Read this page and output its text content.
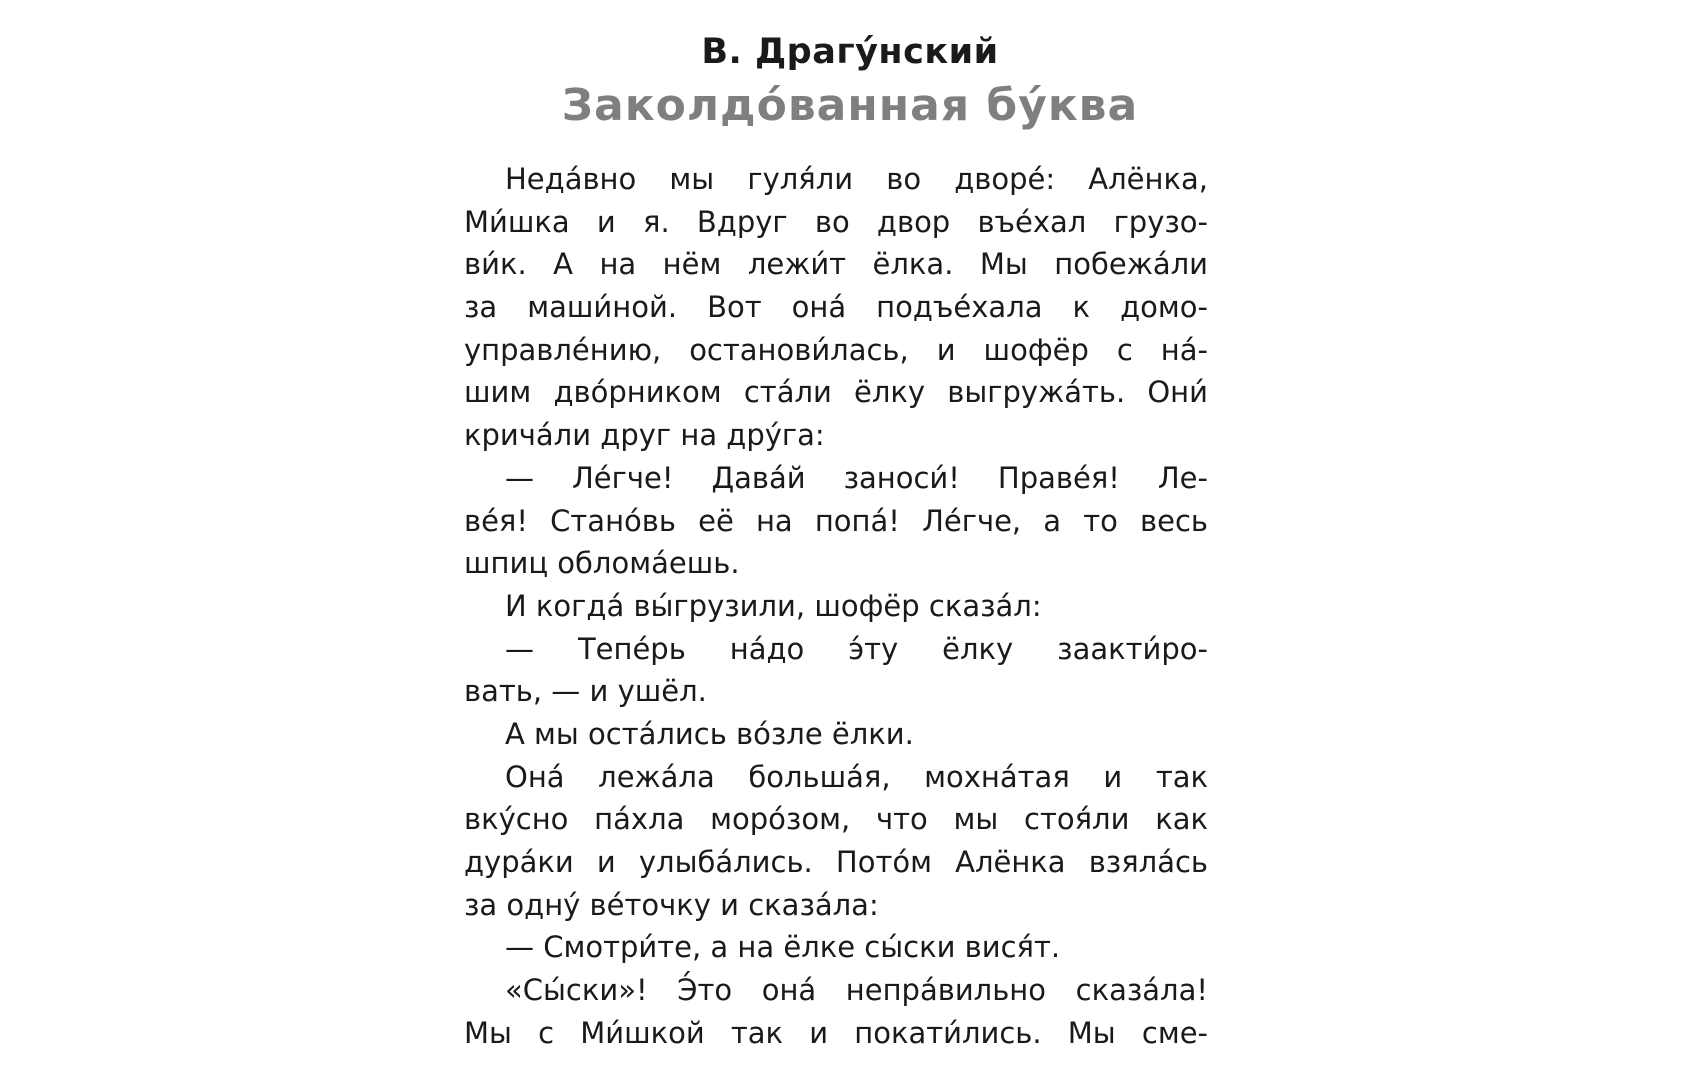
В. Драгу́нский
Заколдо́ванная бу́ква
Неда́вно мы гуля́ли во дворе́: Алёнка,
Ми́шка и я. Вдруг во двор въе́хал грузо-
ви́к. А на нём лежи́т ёлка. Мы побежа́ли
за маши́ной. Вот она́ подъе́хала к домо-
управле́нию, останови́лась, и шофёр с на́-
шим дво́рником ста́ли ёлку выгружа́ть. Они́
крича́ли друг на дру́га:
— Ле́гче! Дава́й заноси́! Праве́я! Ле-
ве́я! Стано́вь её на попа́! Ле́гче, а то весь
шпиц облома́ешь.
И когда́ вы́грузили, шофёр сказа́л:
— Тепе́рь на́до э́ту ёлку заакти́ро-
вать, — и ушёл.
А мы оста́лись во́зле ёлки.
Она́ лежа́ла больша́я, мохна́тая и так
вку́сно па́хла моро́зом, что мы стоя́ли как
дура́ки и улыба́лись. Пото́м Алёнка взяла́сь
за одну́ ве́точку и сказа́ла:
— Смотри́те, а на ёлке сы́ски вися́т.
«Сы́ски»! Э́то она́ непра́вильно сказа́ла!
Мы с Ми́шкой так и покати́лись. Мы сме-
